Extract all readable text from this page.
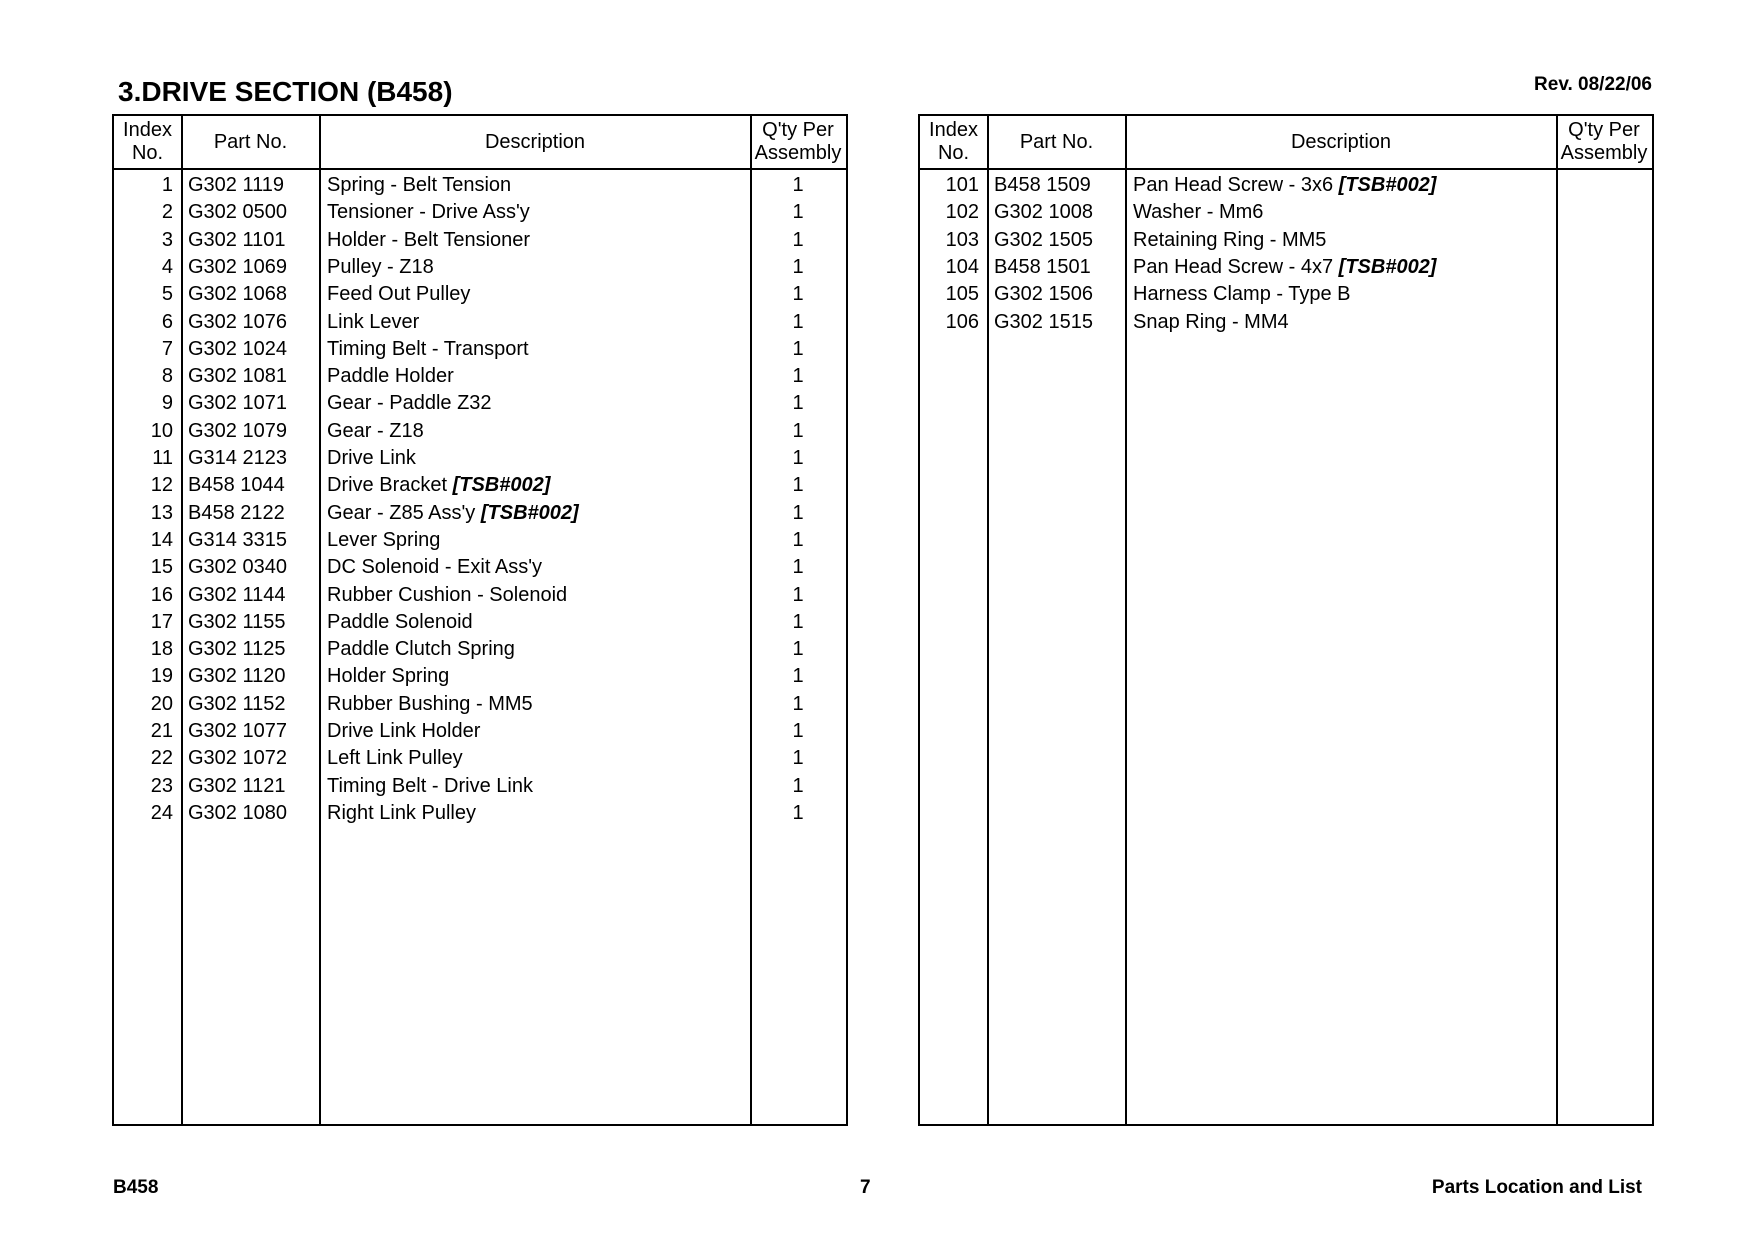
3.DRIVE SECTION (B458)	Rev. 08/22/06
Index
No.
Part No.	Description
Q'ty Per
Assembly
1 G302 1119	Spring - Belt Tension	1
2 G302 0500	Tensioner - Drive Ass'y	1
3 G302 1101	Holder - Belt Tensioner	1
4 G302 1069	Pulley - Z18	1
5 G302 1068	Feed Out Pulley	1
6 G302 1076	Link Lever	1
7 G302 1024	Timing Belt - Transport	1
8 G302 1081	Paddle Holder	1
9 G302 1071	Gear - Paddle Z32	1
10 G302 1079	Gear - Z18	1
11 G314 2123	Drive Link	1
12 B458 1044	Drive Bracket [TSB#002]	1
13 B458 2122	Gear - Z85 Ass'y [TSB#002]	1
14 G314 3315	Lever Spring	1
15 G302 0340	DC Solenoid - Exit Ass'y	1
16 G302 1144	Rubber Cushion - Solenoid	1
17 G302 1155	Paddle Solenoid	1
18 G302 1125	Paddle Clutch Spring	1
19 G302 1120	Holder Spring	1
20 G302 1152	Rubber Bushing - MM5	1
21 G302 1077	Drive Link Holder	1
22 G302 1072	Left Link Pulley	1
23 G302 1121	Timing Belt - Drive Link	1
24 G302 1080	Right Link Pulley	1
Index
No.
Part No.	Description
Q'ty Per
Assembly
101 B458 1509	Pan Head Screw - 3x6 [TSB#002]
102 G302 1008	Washer - Mm6
103 G302 1505	Retaining Ring - MM5
104 B458 1501	Pan Head Screw - 4x7 [TSB#002]
105 G302 1506	Harness Clamp - Type B
106 G302 1515	Snap Ring - MM4
B458	7	Parts Location and List
